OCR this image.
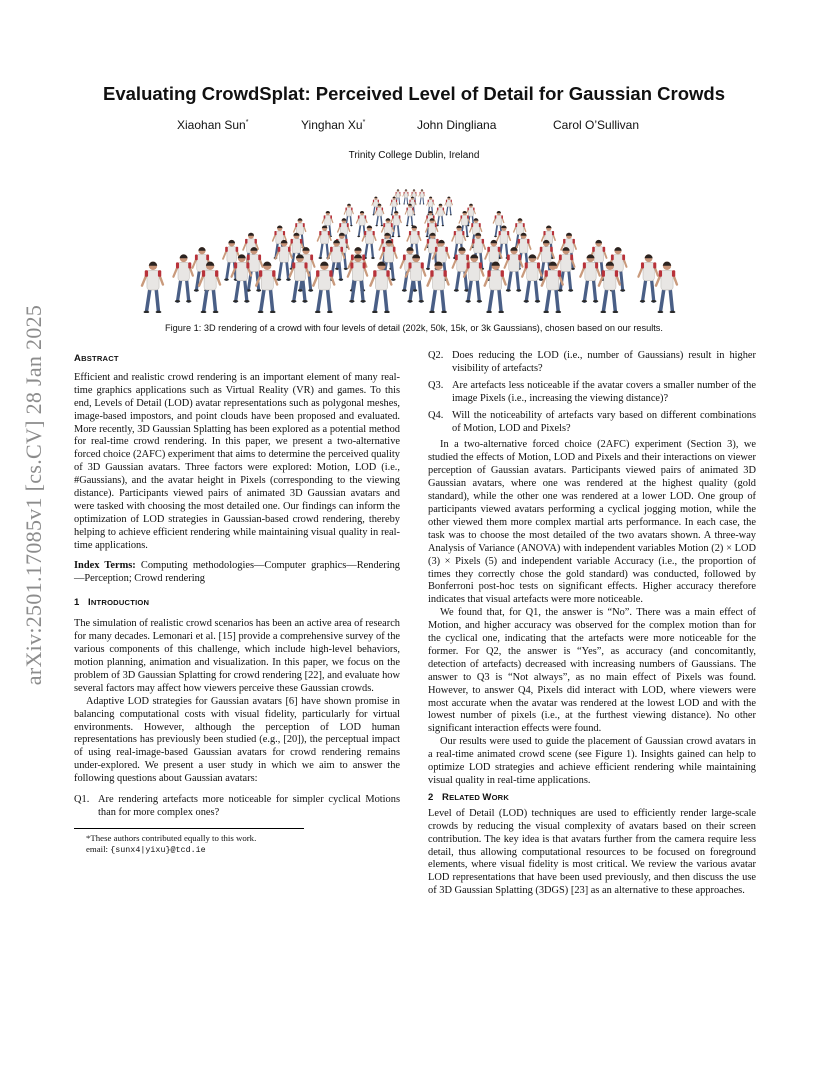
arXiv:2501.17085v1 [cs.CV] 28 Jan 2025
Evaluating CrowdSplat: Perceived Level of Detail for Gaussian Crowds
Xiaohan Sun*	Yinghan Xu*	John Dingliana	Carol O’Sullivan
Trinity College Dublin, Ireland
Figure 1: 3D rendering of a crowd with four levels of detail (202k, 50k, 15k, or 3k Gaussians), chosen based on our results.
ABSTRACT

Efficient and realistic crowd rendering is an important element of many real-time graphics applications such as Virtual Reality (VR) and games. To this end, Levels of Detail (LOD) avatar representations such as polygonal meshes, image-based impostors, and point clouds have been proposed and evaluated. More recently, 3D Gaussian Splatting has been explored as a potential method for real-time crowd rendering. In this paper, we present a two-alternative forced choice (2AFC) experiment that aims to determine the perceived quality of 3D Gaussian avatars. Three factors were explored: Motion, LOD (i.e., #Gaussians), and the avatar height in Pixels (corresponding to the viewing distance). Participants viewed pairs of animated 3D Gaussian avatars and were tasked with choosing the most detailed one. Our findings can inform the optimization of LOD strategies in Gaussian-based crowd rendering, thereby helping to achieve efficient rendering while maintaining visual quality in real-time applications.

Index Terms: Computing methodologies—Computer graphics—Rendering—Perception; Crowd rendering

1 INTRODUCTION

The simulation of realistic crowd scenarios has been an active area of research for many decades. Lemonari et al. [15] provide a comprehensive survey of the various components of this challenge, which include high-level behaviors, motion planning, animation and visualization. In this paper, we focus on the problem of 3D Gaussian Splatting for crowd rendering [22], and evaluate how several factors may affect how viewers perceive these Gaussian crowds.

Adaptive LOD strategies for Gaussian avatars [6] have shown promise in balancing computational costs with visual fidelity, particularly for virtual environments. However, although the perception of LOD human representations has previously been studied (e.g., [20]), the perceptual impact of using real-image-based Gaussian avatars for crowd rendering remains under-explored. We present a user study in which we aim to answer the following questions about Gaussian avatars:

Q1. Are rendering artefacts more noticeable for simpler cyclical Motions than for more complex ones?
*These authors contributed equally to this work.
email: {sunx4|yixu}@tcd.ie
Q2. Does reducing the LOD (i.e., number of Gaussians) result in higher visibility of artefacts?
Q3. Are artefacts less noticeable if the avatar covers a smaller number of the image Pixels (i.e., increasing the viewing distance)?
Q4. Will the noticeability of artefacts vary based on different combinations of Motion, LOD and Pixels?

In a two-alternative forced choice (2AFC) experiment (Section 3), we studied the effects of Motion, LOD and Pixels and their interactions on viewer perception of Gaussian avatars. Participants viewed pairs of animated 3D Gaussian avatars, where one was rendered at the highest quality (gold standard), while the other one was rendered at a lower LOD. One group of participants viewed avatars performing a cyclical jogging motion, while the other viewed them more complex martial arts performance. In each case, the task was to choose the most detailed of the two avatars shown. A three-way Analysis of Variance (ANOVA) with independent variables Motion (2) × LOD (3) × Pixels (5) and independent variable Accuracy (i.e., the proportion of times they correctly chose the gold standard) was conducted, followed by Bonferroni post-hoc tests on significant effects. Higher accuracy therefore indicates that visual artefacts were more noticeable.

We found that, for Q1, the answer is “No”. There was a main effect of Motion, and higher accuracy was observed for the complex motion than for the cyclical one, indicating that the artefacts were more noticeable for the former. For Q2, the answer is “Yes”, as accuracy (and concomitantly, detection of artefacts) decreased with increasing numbers of Gaussians. The answer to Q3 is “Not always”, as no main effect of Pixels was found. However, to answer Q4, Pixels did interact with LOD, where viewers were most accurate when the avatar was rendered at the lowest LOD and with the lowest number of pixels (i.e., at the furthest viewing distance). No other significant interaction effects were found.

Our results were used to guide the placement of Gaussian crowd avatars in a real-time animated crowd scene (see Figure 1). Insights gained can help to optimize LOD strategies and achieve efficient rendering while maintaining visual quality in real-time applications.

2 RELATED WORK

Level of Detail (LOD) techniques are used to efficiently render large-scale crowds by reducing the visual complexity of avatars based on their screen contribution. The key idea is that avatars further from the camera require less detail, thus allowing computational resources to be focused on foreground elements, where visual fidelity is most critical. We review the various avatar LOD representations that have been used previously, and then discuss the use of 3D Gaussian Splatting (3DGS) [23] as an alternative to these approaches.
